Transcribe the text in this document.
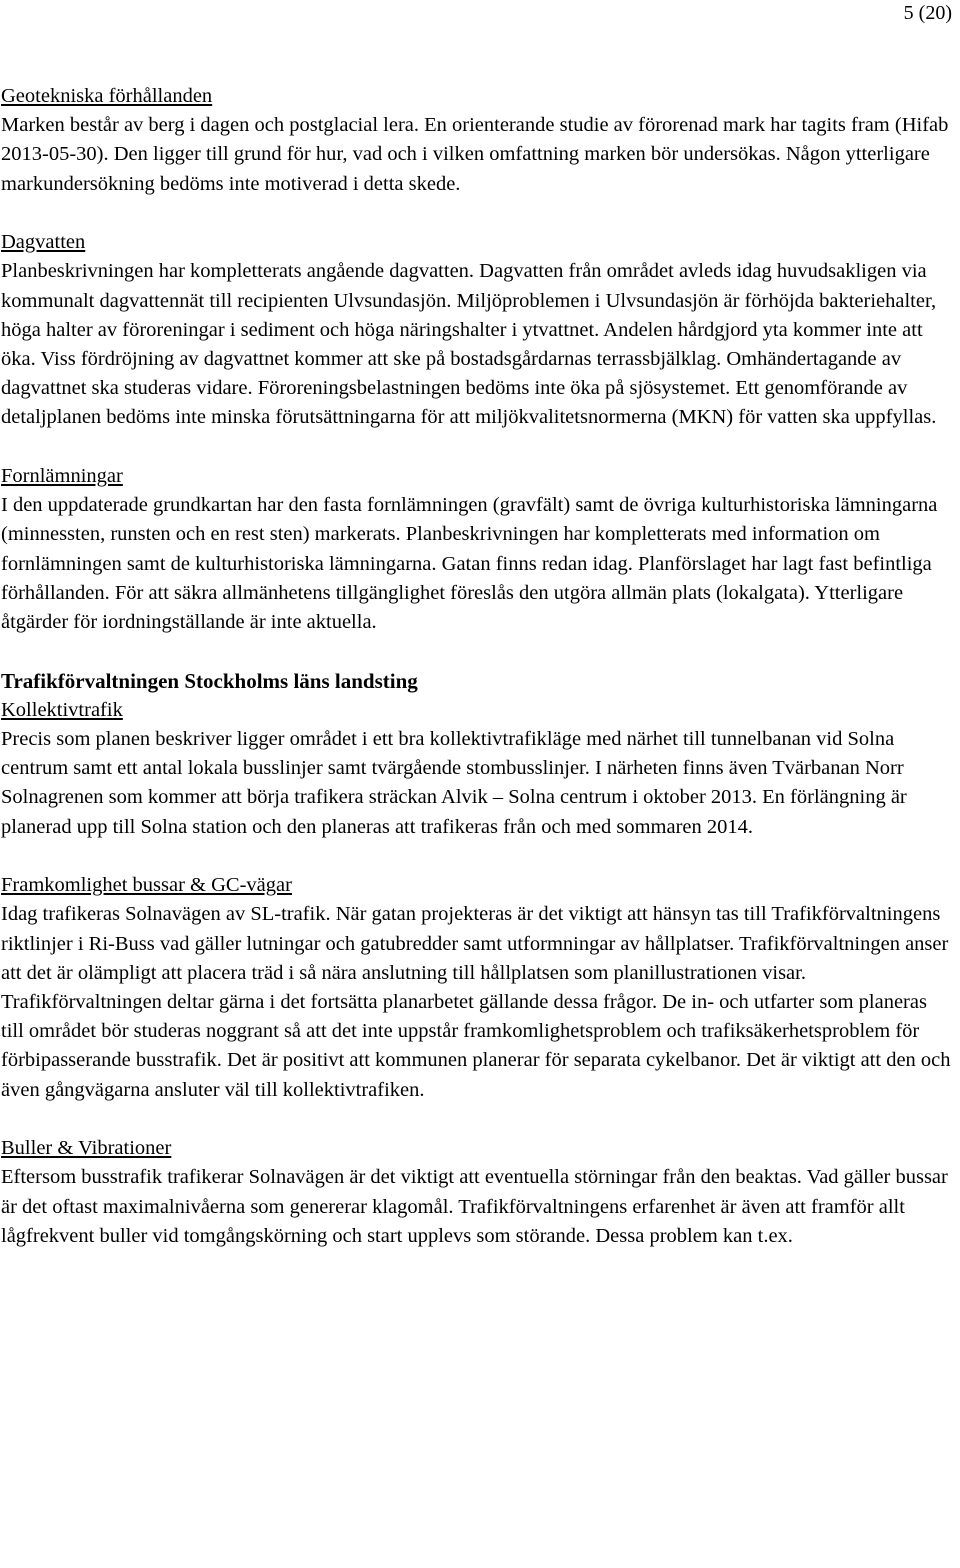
5 (20)
Geotekniska förhållanden

Marken består av berg i dagen och postglacial lera. En orienterande studie av förorenad mark har tagits fram (Hifab 2013-05-30). Den ligger till grund för hur, vad och i vilken omfattning marken bör undersökas. Någon ytterligare markundersökning bedöms inte motiverad i detta skede.

Dagvatten

Planbeskrivningen har kompletterats angående dagvatten. Dagvatten från området avleds idag huvudsakligen via kommunalt dagvattennät till recipienten Ulvsundasjön. Miljöproblemen i Ulvsundasjön är förhöjda bakteriehalter, höga halter av föroreningar i sediment och höga näringshalter i ytvattnet. Andelen hårdgjord yta kommer inte att öka. Viss fördröjning av dagvattnet kommer att ske på bostadsgårdarnas terrassbjälklag. Omhändertagande av dagvattnet ska studeras vidare. Föroreningsbelastningen bedöms inte öka på sjösystemet. Ett genomförande av detaljplanen bedöms inte minska förutsättningarna för att miljökvalitetsnormerna (MKN) för vatten ska uppfyllas.

Fornlämningar

I den uppdaterade grundkartan har den fasta fornlämningen (gravfält) samt de övriga kulturhistoriska lämningarna (minnessten, runsten och en rest sten) markerats. Planbeskrivningen har kompletterats med information om fornlämningen samt de kulturhistoriska lämningarna. Gatan finns redan idag. Planförslaget har lagt fast befintliga förhållanden. För att säkra allmänhetens tillgänglighet föreslås den utgöra allmän plats (lokalgata). Ytterligare åtgärder för iordningställande är inte aktuella.

Trafikförvaltningen Stockholms läns landsting
Kollektivtrafik

Precis som planen beskriver ligger området i ett bra kollektivtrafikläge med närhet till tunnelbanan vid Solna centrum samt ett antal lokala busslinjer samt tvärgående stombusslinjer. I närheten finns även Tvärbanan Norr Solnagrenen som kommer att börja trafikera sträckan Alvik – Solna centrum i oktober 2013. En förlängning är planerad upp till Solna station och den planeras att trafikeras från och med sommaren 2014.

Framkomlighet bussar & GC-vägar

Idag trafikeras Solnavägen av SL-trafik. När gatan projekteras är det viktigt att hänsyn tas till Trafikförvaltningens riktlinjer i Ri-Buss vad gäller lutningar och gatubredder samt utformningar av hållplatser. Trafikförvaltningen anser att det är olämpligt att placera träd i så nära anslutning till hållplatsen som planillustrationen visar. Trafikförvaltningen deltar gärna i det fortsätta planarbetet gällande dessa frågor. De in- och utfarter som planeras till området bör studeras noggrant så att det inte uppstår framkomlighetsproblem och trafiksäkerhetsproblem för förbipasserande busstrafik. Det är positivt att kommunen planerar för separata cykelbanor. Det är viktigt att den och även gångvägarna ansluter väl till kollektivtrafiken.

Buller & Vibrationer

Eftersom busstrafik trafikerar Solnavägen är det viktigt att eventuella störningar från den beaktas. Vad gäller bussar är det oftast maximalnivåerna som genererar klagomål. Trafikförvaltningens erfarenhet är även att framför allt lågfrekvent buller vid tomgångskörning och start upplevs som störande. Dessa problem kan t.ex.
